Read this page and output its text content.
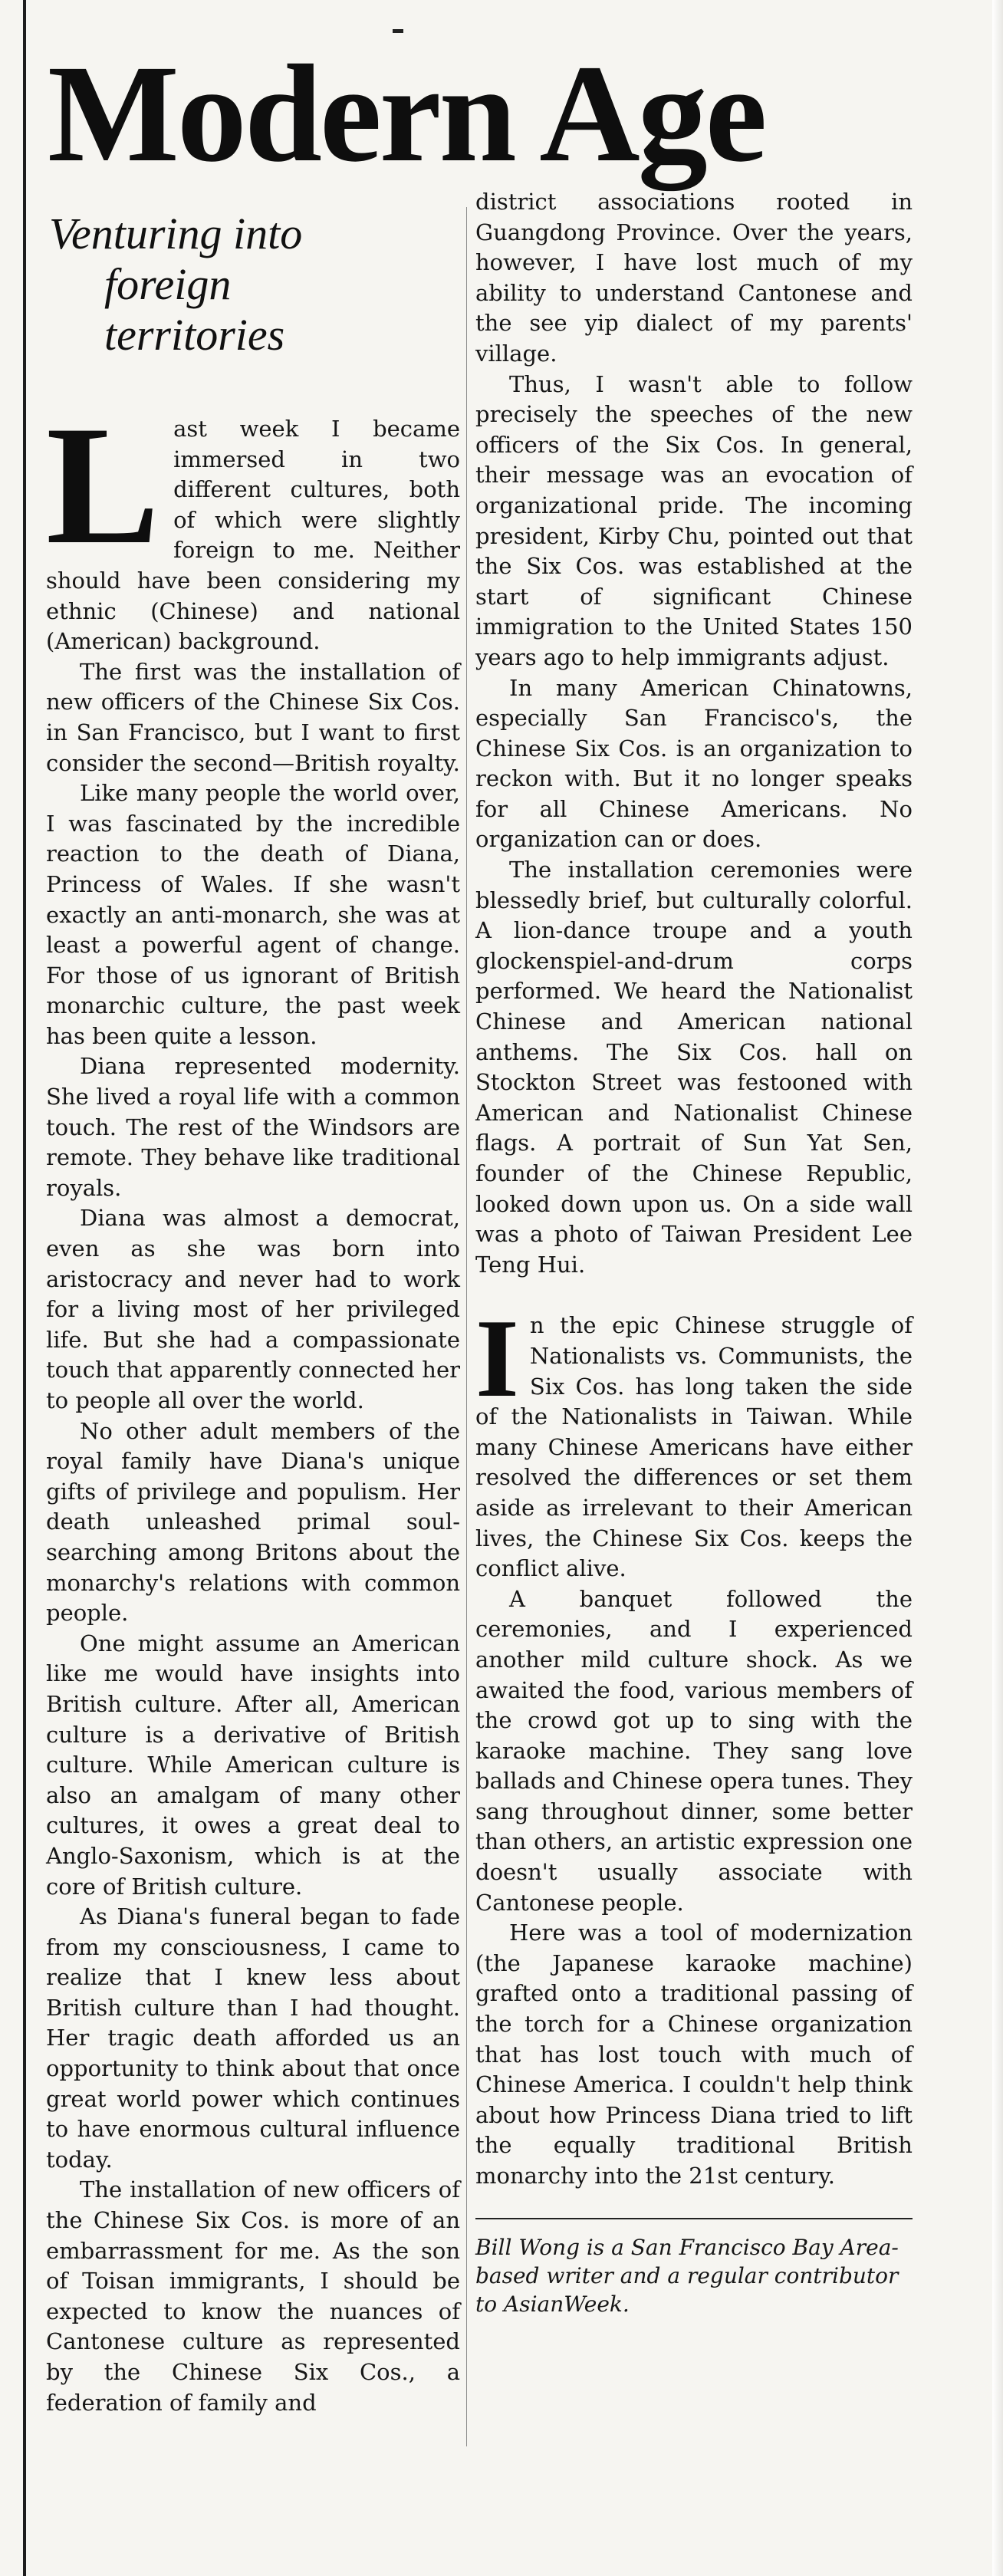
Modern Age
Venturing into
foreign
territories

Last week I became immersed in two different cultures, both of which were slightly foreign to me. Neither should have been considering my ethnic (Chinese) and national (American) background.

The first was the installation of new officers of the Chinese Six Cos. in San Francisco, but I want to first consider the second—British royalty.

Like many people the world over, I was fascinated by the incredible reaction to the death of Diana, Princess of Wales. If she wasn't exactly an anti-monarch, she was at least a powerful agent of change. For those of us ignorant of British monarchic culture, the past week has been quite a lesson.

Diana represented modernity. She lived a royal life with a common touch. The rest of the Windsors are remote. They behave like traditional royals.

Diana was almost a democrat, even as she was born into aristocracy and never had to work for a living most of her privileged life. But she had a compassionate touch that apparently connected her to people all over the world.

No other adult members of the royal family have Diana's unique gifts of privilege and populism. Her death unleashed primal soul-searching among Britons about the monarchy's relations with common people.

One might assume an American like me would have insights into British culture. After all, American culture is a derivative of British culture. While American culture is also an amalgam of many other cultures, it owes a great deal to Anglo-Saxonism, which is at the core of British culture.

As Diana's funeral began to fade from my consciousness, I came to realize that I knew less about British culture than I had thought. Her tragic death afforded us an opportunity to think about that once great world power which continues to have enormous cultural influence today.

The installation of new officers of the Chinese Six Cos. is more of an embarrassment for me. As the son of Toisan immigrants, I should be expected to know the nuances of Cantonese culture as represented by the Chinese Six Cos., a federation of family and

district associations rooted in Guangdong Province. Over the years, however, I have lost much of my ability to understand Cantonese and the see yip dialect of my parents' village.

Thus, I wasn't able to follow precisely the speeches of the new officers of the Six Cos. In general, their message was an evocation of organizational pride. The incoming president, Kirby Chu, pointed out that the Six Cos. was established at the start of significant Chinese immigration to the United States 150 years ago to help immigrants adjust.

In many American Chinatowns, especially San Francisco's, the Chinese Six Cos. is an organization to reckon with. But it no longer speaks for all Chinese Americans. No organization can or does.

The installation ceremonies were blessedly brief, but culturally colorful. A lion-dance troupe and a youth glockenspiel-and-drum corps performed. We heard the Nationalist Chinese and American national anthems. The Six Cos. hall on Stockton Street was festooned with American and Nationalist Chinese flags. A portrait of Sun Yat Sen, founder of the Chinese Republic, looked down upon us. On a side wall was a photo of Taiwan President Lee Teng Hui.

In the epic Chinese struggle of Nationalists vs. Communists, the Six Cos. has long taken the side of the Nationalists in Taiwan. While many Chinese Americans have either resolved the differences or set them aside as irrelevant to their American lives, the Chinese Six Cos. keeps the conflict alive.

A banquet followed the ceremonies, and I experienced another mild culture shock. As we awaited the food, various members of the crowd got up to sing with the karaoke machine. They sang love ballads and Chinese opera tunes. They sang throughout dinner, some better than others, an artistic expression one doesn't usually associate with Cantonese people.

Here was a tool of modernization (the Japanese karaoke machine) grafted onto a traditional passing of the torch for a Chinese organization that has lost touch with much of Chinese America. I couldn't help think about how Princess Diana tried to lift the equally traditional British monarchy into the 21st century.

Bill Wong is a San Francisco Bay Area-based writer and a regular contributor to AsianWeek.
